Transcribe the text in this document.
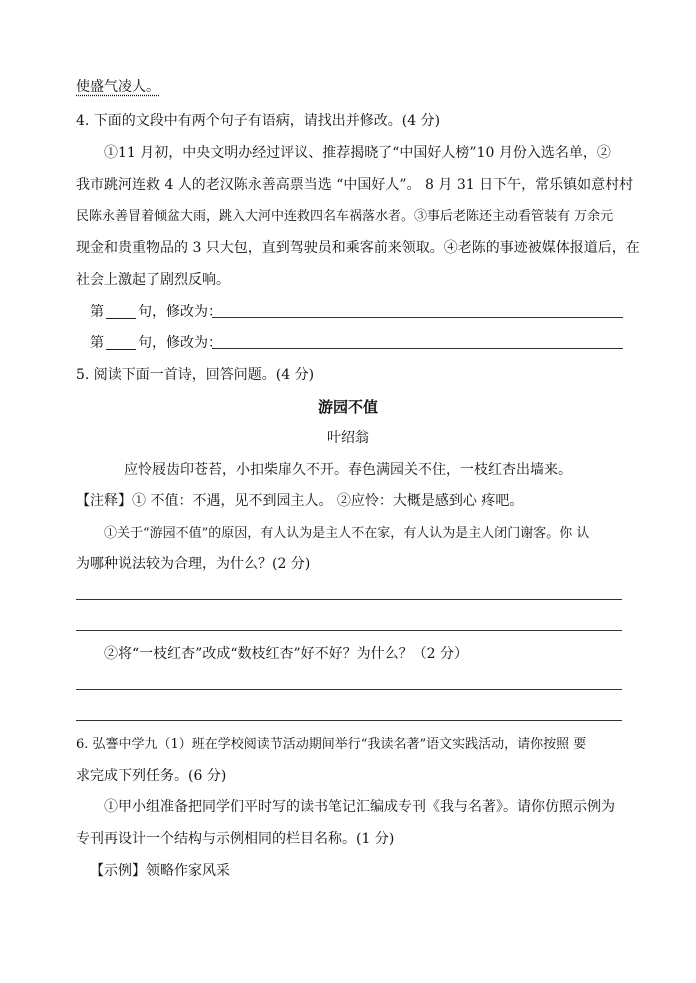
使盛气凌人。
4. 下面的文段中有两个句子有语病，请找出并修改。(4 分)
①11 月初，中央文明办经过评议、推荐揭晓了“中国好人榜”10 月份入选名单，②
我市跳河连救 4 人的老汉陈永善高票当选 “中国好人”。 8 月 31 日下午，常乐镇如意村村
民陈永善冒着倾盆大雨，跳入大河中连救四名车祸落水者。③事后老陈还主动看管装有 万余元
现金和贵重物品的 3 只大包，直到驾驶员和乘客前来领取。④老陈的事迹被媒体报道后，在
社会上激起了剧烈反响。
第 句，修改为：
第 句，修改为：
5. 阅读下面一首诗，回答问题。(4 分)
游园不值
叶绍翁
应怜屐齿印苍苔，小扣柴扉久不开。春色满园关不住，一枝红杏出墙来。
【注释】① 不值：不遇，见不到园主人。 ②应怜：大概是感到心 疼吧。
①关于“游园不值”的原因，有人认为是主人不在家，有人认为是主人闭门谢客。你 认
为哪种说法较为合理，为什么？(2 分)
②将“一枝红杏”改成“数枝红杏”好不好？为什么？（2 分）
6. 弘謇中学九（1）班在学校阅读节活动期间举行“我读名著”语文实践活动，请你按照 要
求完成下列任务。(6 分)
①甲小组准备把同学们平时写的读书笔记汇编成专刊《我与名著》。请你仿照示例为
专刊再设计一个结构与示例相同的栏目名称。(1 分)
【示例】领略作家风采
